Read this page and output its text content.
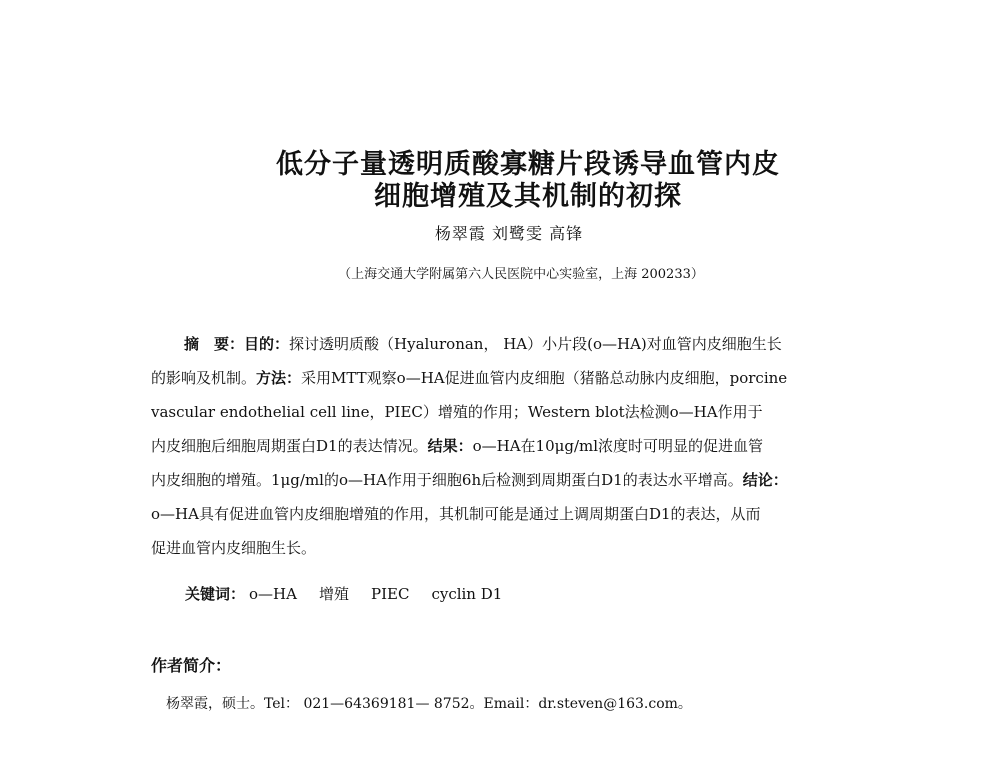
低分子量透明质酸寡糖片段诱导血管内皮
细胞增殖及其机制的初探
杨翠霞 刘鹭雯 高锋
（上海交通大学附属第六人民医院中心实验室，上海 200233）
摘　要：目的：探讨透明质酸（Hyaluronan， HA）小片段(o—HA)对血管内皮细胞生长
的影响及机制。方法：采用MTT观察o—HA促进血管内皮细胞（猪骼总动脉内皮细胞，porcine
vascular endothelial cell line，PIEC）增殖的作用；Western blot法检测o—HA作用于
内皮细胞后细胞周期蛋白D1的表达情况。结果：o—HA在10μg/ml浓度时可明显的促进血管
内皮细胞的增殖。1μg/ml的o—HA作用于细胞6h后检测到周期蛋白D1的表达水平增高。结论：
o—HA具有促进血管内皮细胞增殖的作用，其机制可能是通过上调周期蛋白D1的表达，从而
促进血管内皮细胞生长。
关键词： o—HA 增殖 PIEC cyclin D1
作者简介：
杨翠霞，硕士。Tel： 021—64369181— 8752。Email：dr.steven@163.com。
